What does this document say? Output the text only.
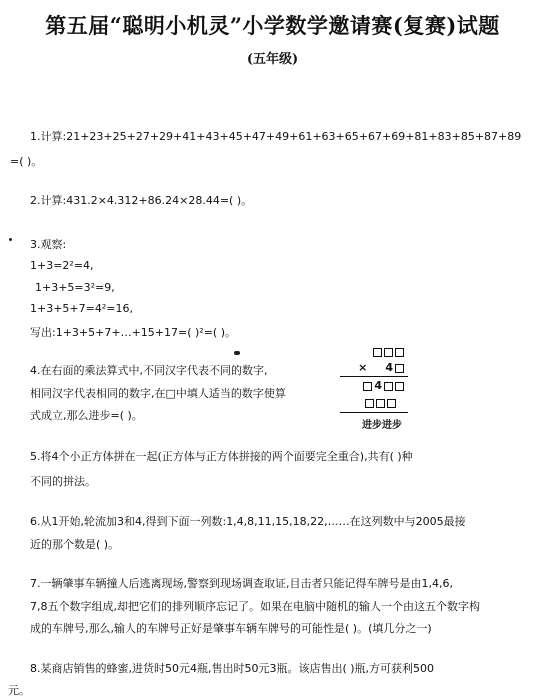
第五届“聪明小机灵”小学数学邀请赛(复赛)试题
(五年级)
1.计算:21+23+25+27+29+41+43+45+47+49+61+63+65+67+69+81+83+85+87+89
=( )。
2.计算:431.2×4.312+86.24×28.44=( )。
3.观察:
1+3=2²=4,
1+3+5=3²=9,
1+3+5+7=4²=16,
写出:1+3+5+7+…+15+17=( )²=( )。
4.在右面的乘法算式中,不同汉字代表不同的数字,
相同汉字代表相同的数字,在□中填人适当的数字使算
式成立,那么进步=( )。
× 4
4
进步进步
5.将4个小正方体拼在一起(正方体与正方体拼接的两个面要完全重合),共有( )种
不同的拼法。
6.从1开始,轮流加3和4,得到下面一列数:1,4,8,11,15,18,22,……在这列数中与2005最接
近的那个数是( )。
7.一辆肇事车辆撞人后逃离现场,警察到现场调查取证,目击者只能记得车牌号是由1,4,6,
7,8五个数字组成,却把它们的排列顺序忘记了。如果在电脑中随机的输人一个由这五个数字构
成的车牌号,那么,输人的车牌号正好是肇事车辆车牌号的可能性是( )。(填几分之一)
8.某商店销售的蜂蜜,进货时50元4瓶,售出时50元3瓶。该店售出( )瓶,方可获利500
元。
